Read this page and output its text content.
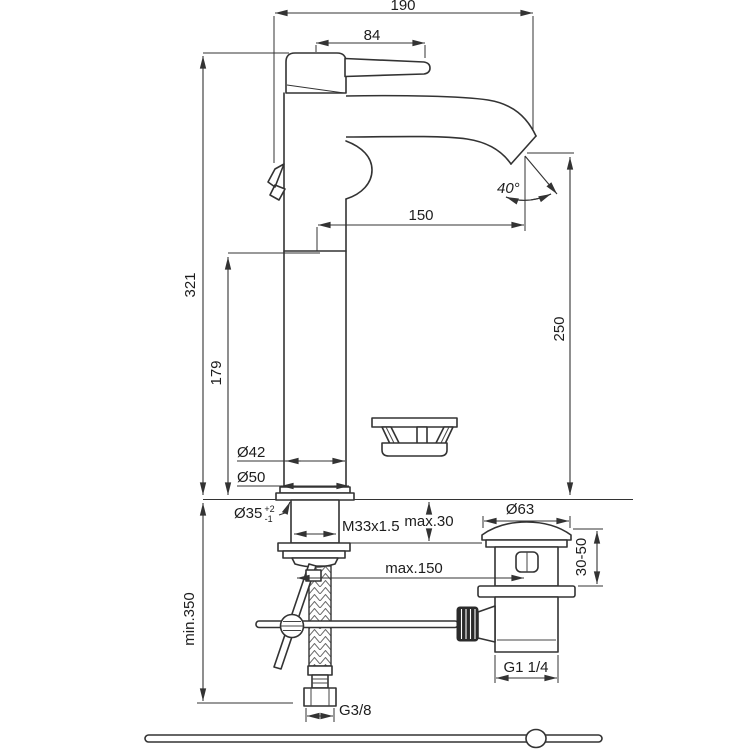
190
84
40°
150
321
179
250
Ø42
Ø50
Ø35 $^{+2}$ -1	M33x1.5 max.30
Ø63
30-50
max.150
min.350
G1 1/4
G3/8
